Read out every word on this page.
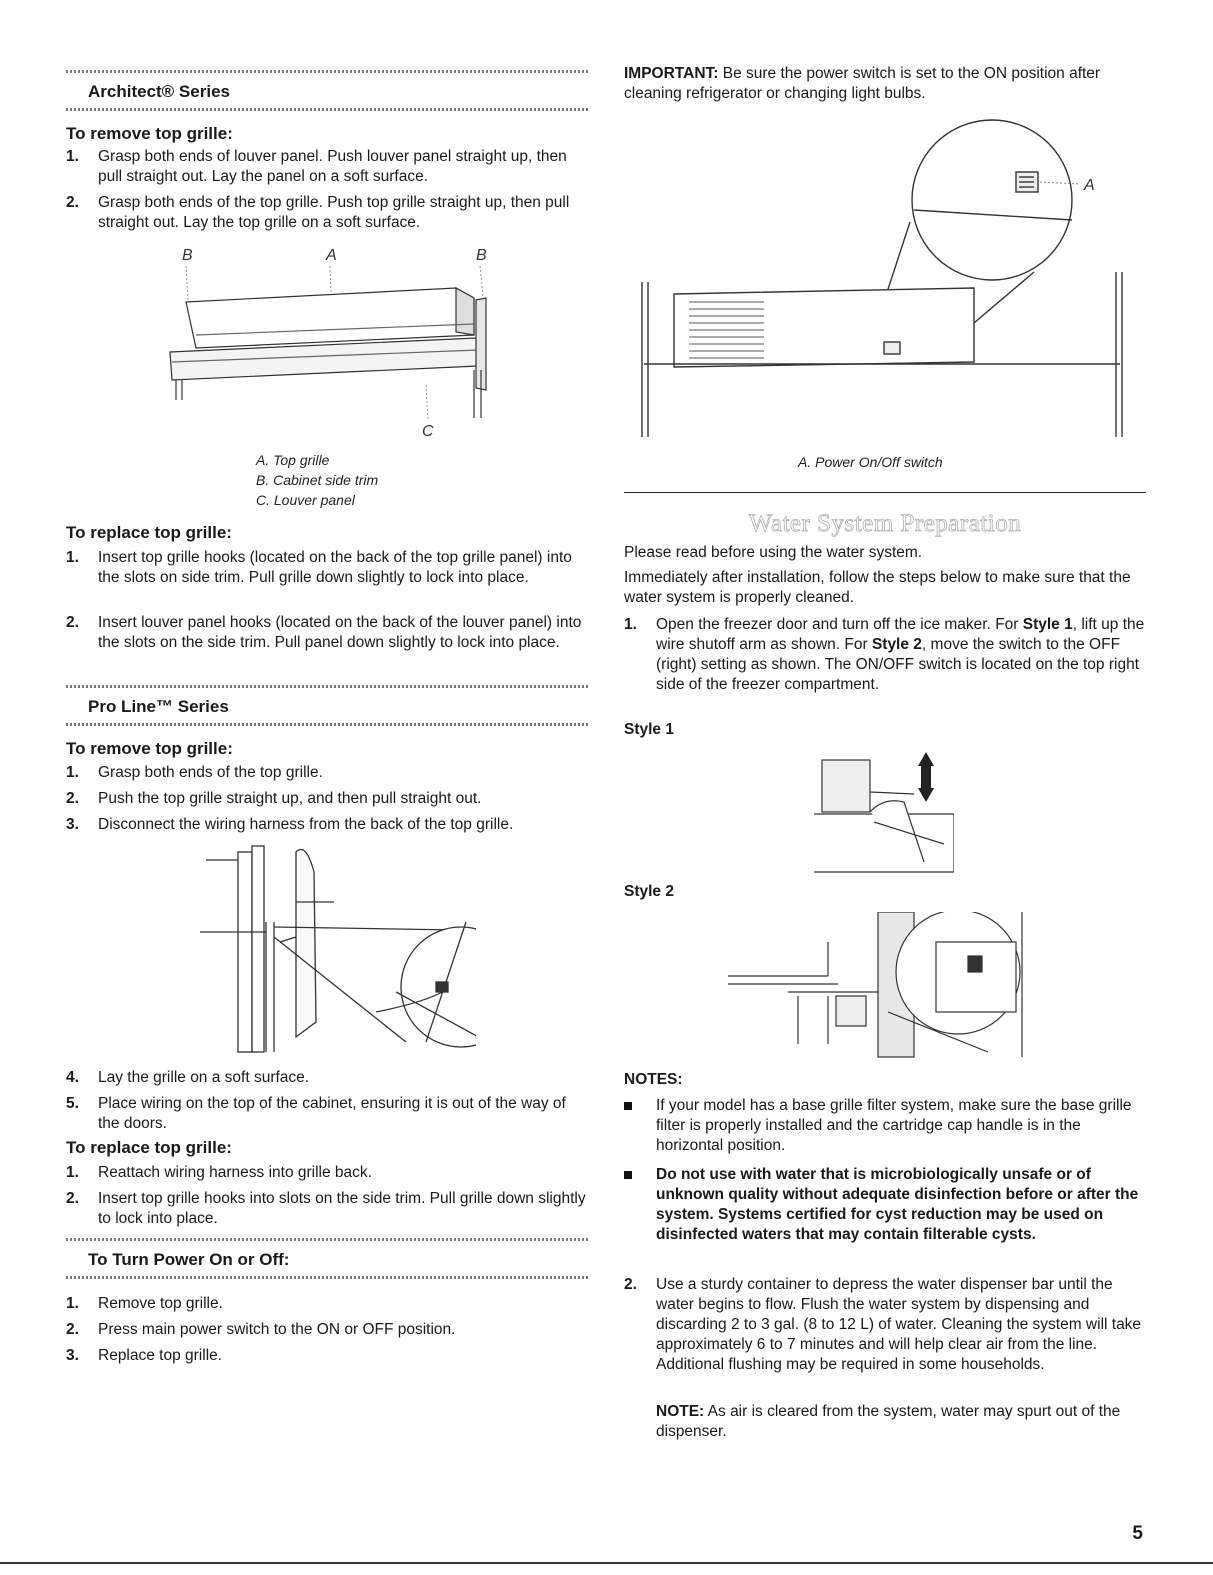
Architect® Series
To remove top grille:
1. Grasp both ends of louver panel. Push louver panel straight up, then pull straight out. Lay the panel on a soft surface.
2. Grasp both ends of the top grille. Push top grille straight up, then pull straight out. Lay the top grille on a soft surface.
B	A	B
C
A. Top grille
B. Cabinet side trim
C. Louver panel
To replace top grille:
1. Insert top grille hooks (located on the back of the top grille panel) into the slots on side trim. Pull grille down slightly to lock into place.
2. Insert louver panel hooks (located on the back of the louver panel) into the slots on the side trim. Pull panel down slightly to lock into place.
Pro Line™ Series
To remove top grille:
1. Grasp both ends of the top grille.
2. Push the top grille straight up, and then pull straight out.
3. Disconnect the wiring harness from the back of the top grille.
4. Lay the grille on a soft surface.
5. Place wiring on the top of the cabinet, ensuring it is out of the way of the doors.
To replace top grille:
1. Reattach wiring harness into grille back.
2. Insert top grille hooks into slots on the side trim. Pull grille down slightly to lock into place.
To Turn Power On or Off:
1. Remove top grille.
2. Press main power switch to the ON or OFF position.
3. Replace top grille.
IMPORTANT: Be sure the power switch is set to the ON position after cleaning refrigerator or changing light bulbs.
A
A. Power On/Off switch
Water System Preparation
Please read before using the water system.
Immediately after installation, follow the steps below to make sure that the water system is properly cleaned.
1. Open the freezer door and turn off the ice maker. For Style 1, lift up the wire shutoff arm as shown. For Style 2, move the switch to the OFF (right) setting as shown. The ON/OFF switch is located on the top right side of the freezer compartment.
Style 1
Style 2
NOTES:
If your model has a base grille filter system, make sure the base grille filter is properly installed and the cartridge cap handle is in the horizontal position.
Do not use with water that is microbiologically unsafe or of unknown quality without adequate disinfection before or after the system. Systems certified for cyst reduction may be used on disinfected waters that may contain filterable cysts.
2. Use a sturdy container to depress the water dispenser bar until the water begins to flow. Flush the water system by dispensing and discarding 2 to 3 gal. (8 to 12 L) of water. Cleaning the system will take approximately 6 to 7 minutes and will help clear air from the line. Additional flushing may be required in some households.
NOTE: As air is cleared from the system, water may spurt out of the dispenser.
5
